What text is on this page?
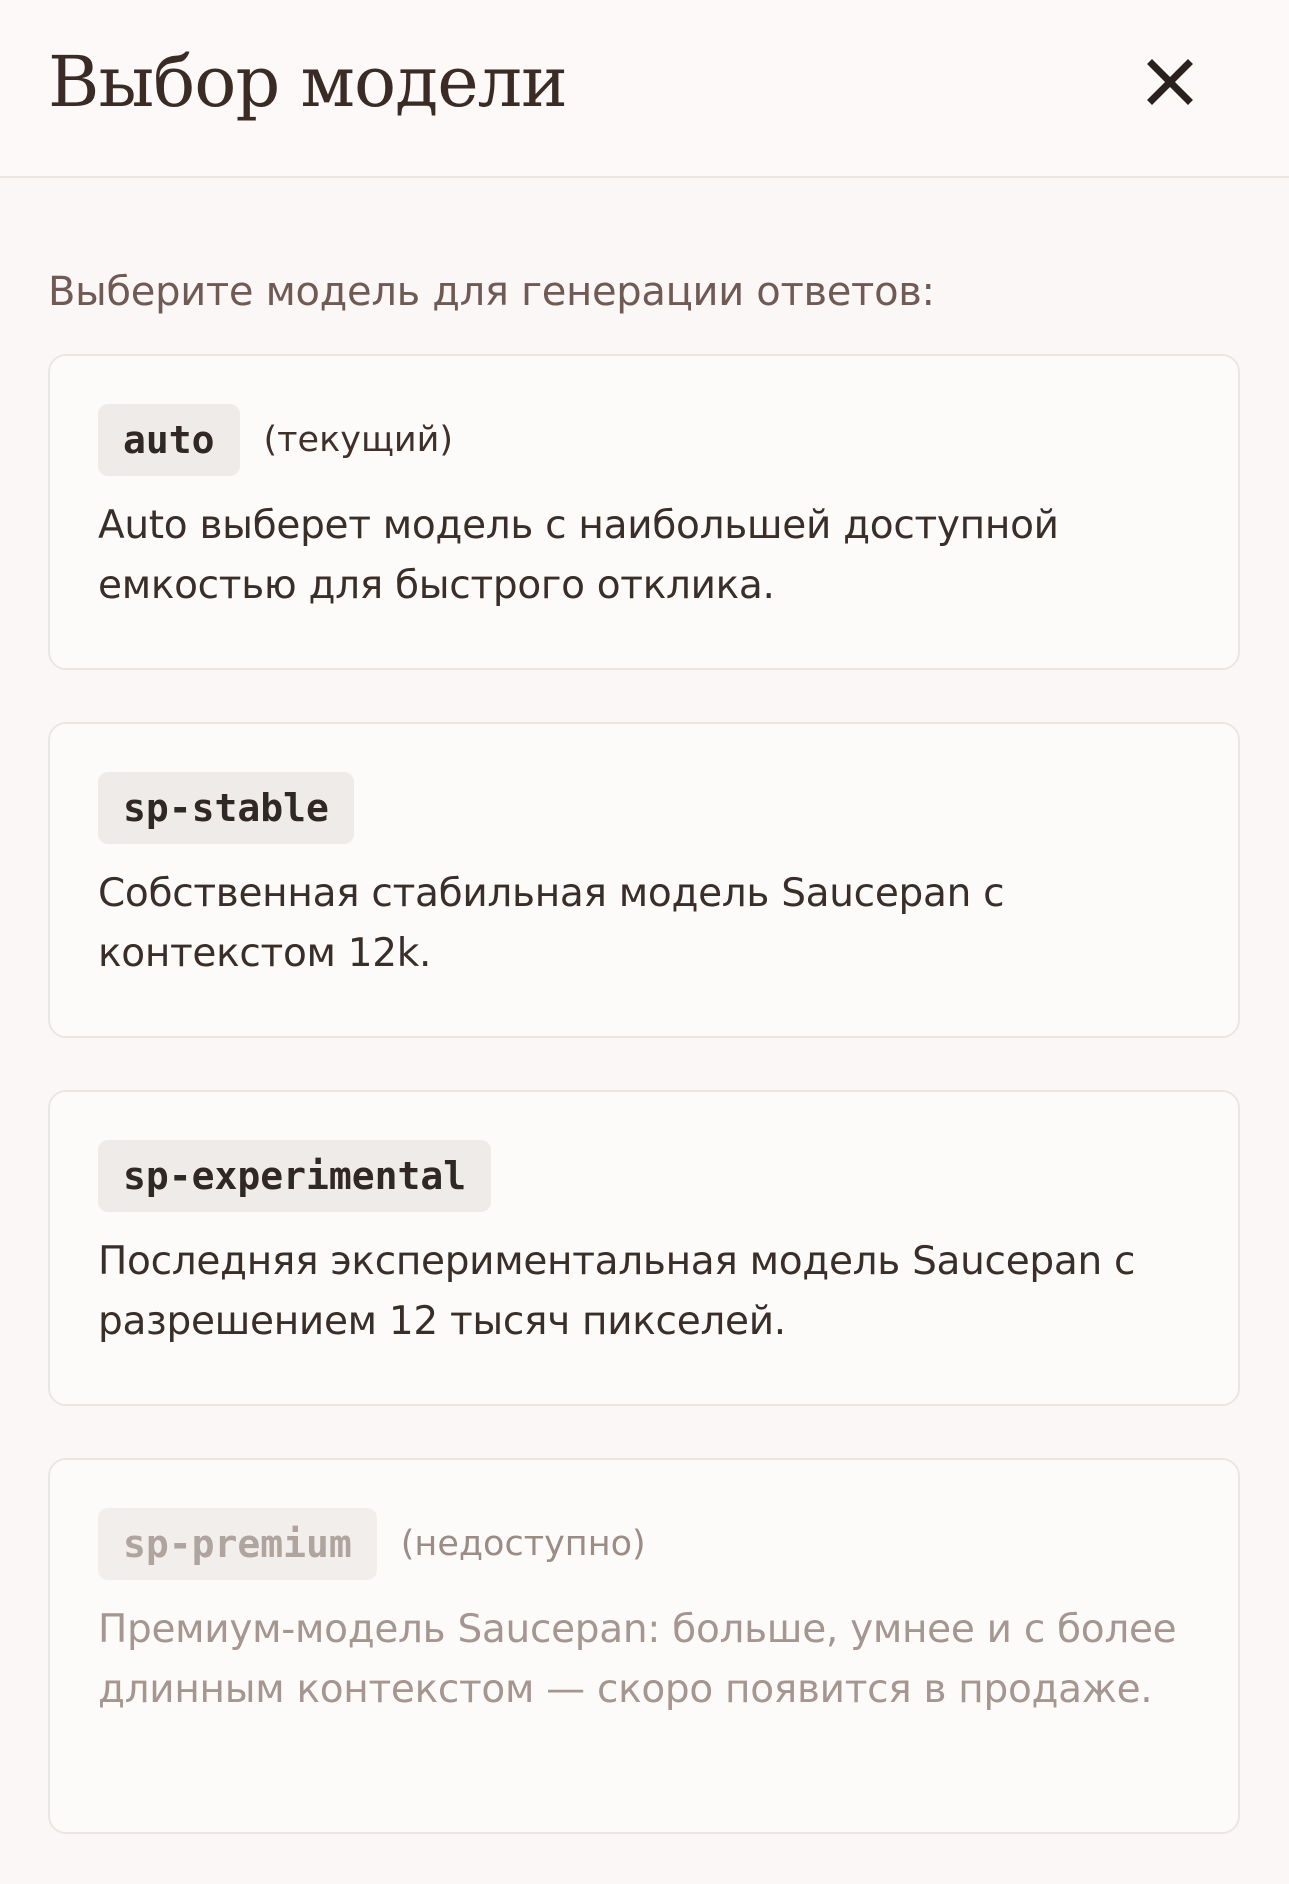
Выбор модели

Выберите модель для генерации ответов:

auto	(текущий)

Auto выберет модель с наибольшей доступной емкостью для быстрого отклика.

sp-stable

Собственная стабильная модель Saucepan с контекстом 12k.

sp-experimental

Последняя экспериментальная модель Saucepan с разрешением 12 тысяч пикселей.

sp-premium	(недоступно)

Премиум-модель Saucepan: больше, умнее и с более длинным контекстом — скоро появится в продаже.
